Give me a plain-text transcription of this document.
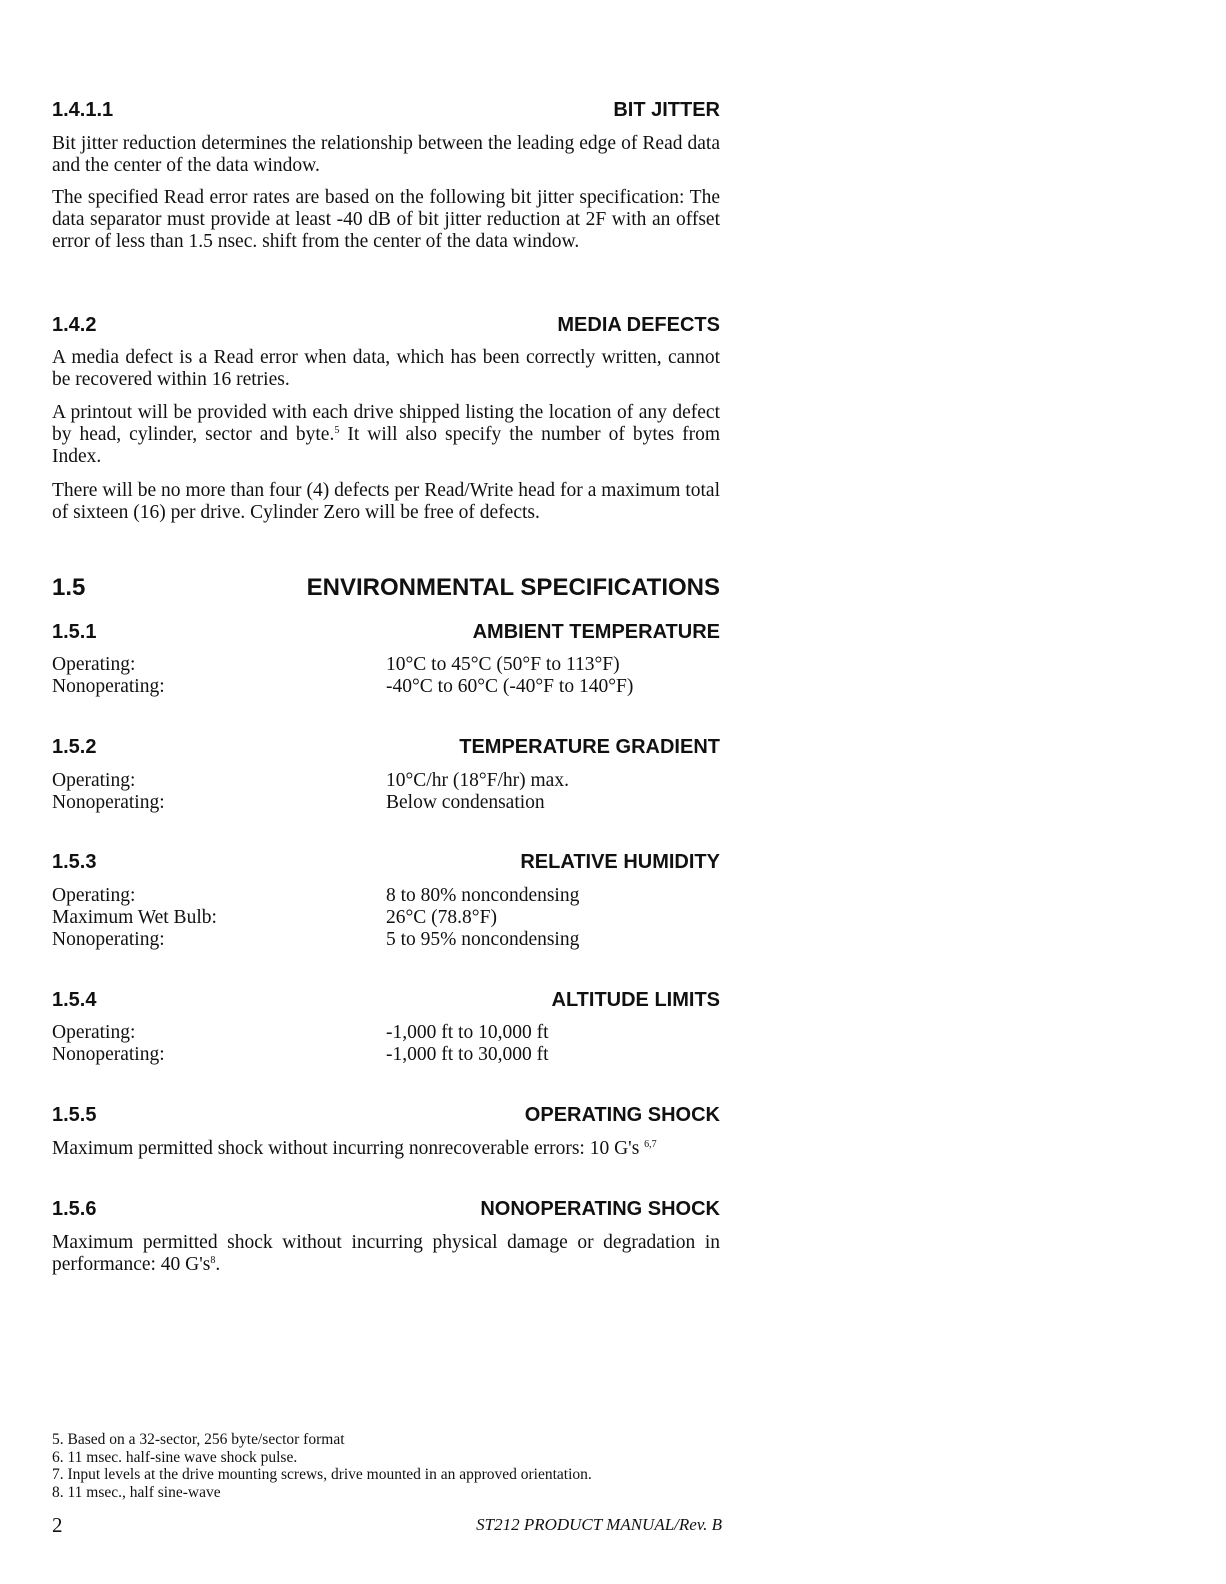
1.4.1.1	BIT JITTER

Bit jitter reduction determines the relationship between the leading edge of Read data and the center of the data window.

The specified Read error rates are based on the following bit jitter specification: The data separator must provide at least -40 dB of bit jitter reduction at 2F with an offset error of less than 1.5 nsec. shift from the center of the data window.

1.4.2	MEDIA DEFECTS

A media defect is a Read error when data, which has been correctly written, cannot be recovered within 16 retries.

A printout will be provided with each drive shipped listing the location of any defect by head, cylinder, sector and byte.$^5$ It will also specify the number of bytes from Index.

There will be no more than four (4) defects per Read/Write head for a maximum total of sixteen (16) per drive. Cylinder Zero will be free of defects.

1.5	ENVIRONMENTAL SPECIFICATIONS
1.5.1	AMBIENT TEMPERATURE
Operating:	10°C to 45°C (50°F to 113°F)
Nonoperating:	-40°C to 60°C (-40°F to 140°F)
1.5.2	TEMPERATURE GRADIENT
Operating:	10°C/hr (18°F/hr) max.
Nonoperating:	Below condensation
1.5.3	RELATIVE HUMIDITY
Operating:	8 to 80% noncondensing
Maximum Wet Bulb:	26°C (78.8°F)
Nonoperating:	5 to 95% noncondensing
1.5.4	ALTITUDE LIMITS
Operating:	-1,000 ft to 10,000 ft
Nonoperating:	-1,000 ft to 30,000 ft
1.5.5	OPERATING SHOCK

Maximum permitted shock without incurring nonrecoverable errors: 10 G's $^{6,7}$

1.5.6	NONOPERATING SHOCK

Maximum permitted shock without incurring physical damage or degradation in performance: 40 $G's^8$.

5. Based on a 32-sector, 256 byte/sector format
6. 11 msec. half-sine wave shock pulse.
7. Input levels at the drive mounting screws, drive mounted in an approved orientation.
8. 11 msec., half sine-wave
2	ST212 PRODUCT MANUAL/Rev. B
